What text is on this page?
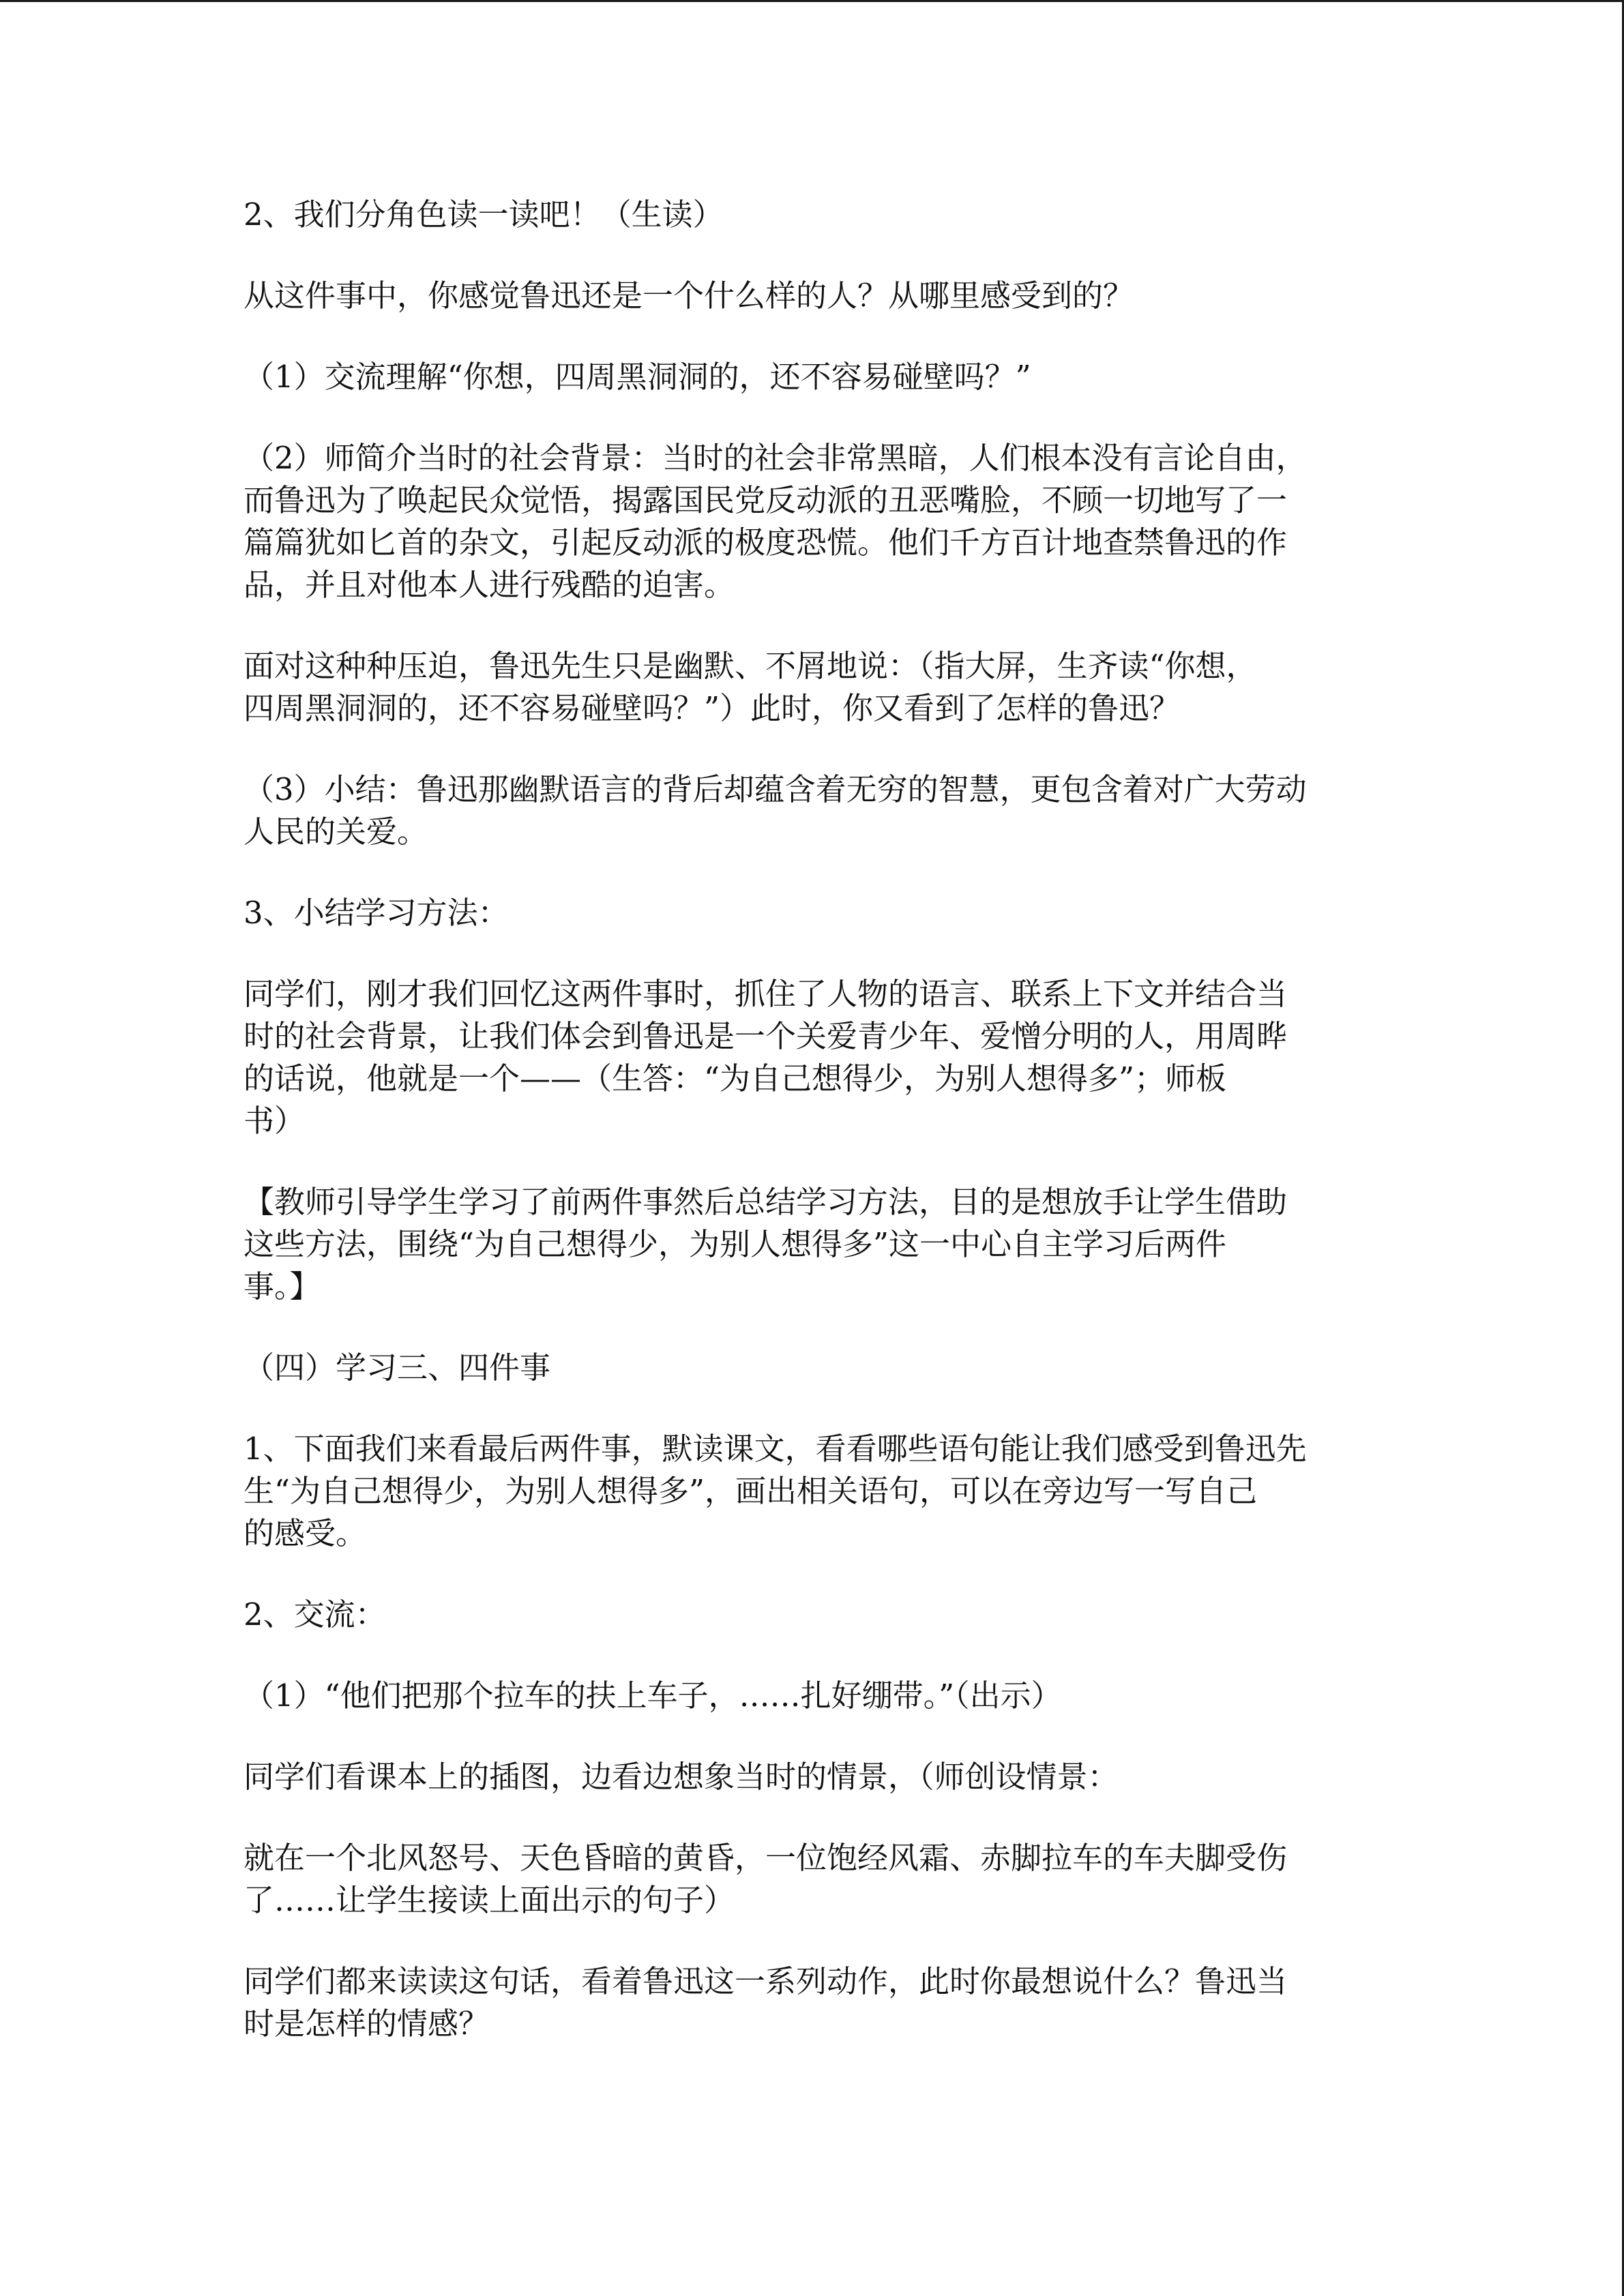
2、我们分角色读一读吧！（生读）

从这件事中，你感觉鲁迅还是一个什么样的人？从哪里感受到的？

（1）交流理解“你想，四周黑洞洞的，还不容易碰壁吗？”

（2）师简介当时的社会背景：当时的社会非常黑暗，人们根本没有言论自由，
而鲁迅为了唤起民众觉悟，揭露国民党反动派的丑恶嘴脸，不顾一切地写了一
篇篇犹如匕首的杂文，引起反动派的极度恐慌。他们千方百计地查禁鲁迅的作
品，并且对他本人进行残酷的迫害。

面对这种种压迫，鲁迅先生只是幽默、不屑地说：（指大屏，生齐读“你想，
四周黑洞洞的，还不容易碰壁吗？”）此时，你又看到了怎样的鲁迅？

（3）小结：鲁迅那幽默语言的背后却蕴含着无穷的智慧，更包含着对广大劳动
人民的关爱。

3、小结学习方法：

同学们，刚才我们回忆这两件事时，抓住了人物的语言、联系上下文并结合当
时的社会背景，让我们体会到鲁迅是一个关爱青少年、爱憎分明的人，用周晔
的话说，他就是一个——（生答：“为自己想得少，为别人想得多”；师板
书）

【教师引导学生学习了前两件事然后总结学习方法，目的是想放手让学生借助
这些方法，围绕“为自己想得少，为别人想得多”这一中心自主学习后两件
事。】

（四）学习三、四件事

1、下面我们来看最后两件事，默读课文，看看哪些语句能让我们感受到鲁迅先
生“为自己想得少，为别人想得多”，画出相关语句，可以在旁边写一写自己
的感受。

2、交流：

（1）“他们把那个拉车的扶上车子，……扎好绷带。”（出示）

同学们看课本上的插图，边看边想象当时的情景，（师创设情景：

就在一个北风怒号、天色昏暗的黄昏，一位饱经风霜、赤脚拉车的车夫脚受伤
了……让学生接读上面出示的句子）

同学们都来读读这句话，看着鲁迅这一系列动作，此时你最想说什么？鲁迅当
时是怎样的情感？
